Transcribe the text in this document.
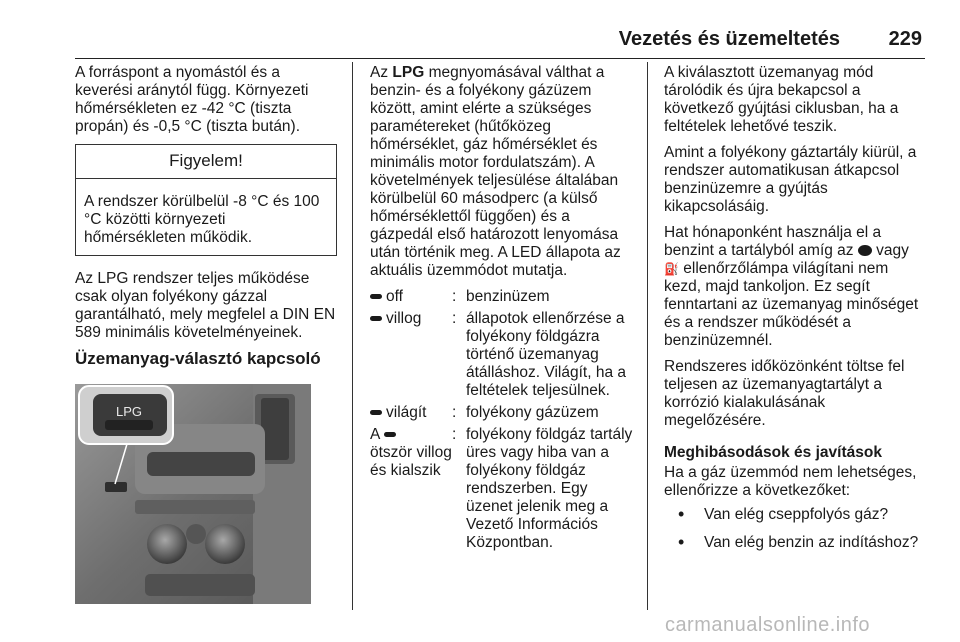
Vezetés és üzemeltetés 229

A forráspont a nyomástól és a keverési aránytól függ. Környezeti hőmérsékleten ez -42 °C (tiszta propán) és -0,5 °C (tiszta bután).

Figyelem!
A rendszer körülbelül -8 °C és 100 °C közötti környezeti hőmérsékleten működik.

Az LPG rendszer teljes működése csak olyan folyékony gázzal garantálható, mely megfelel a DIN EN 589 minimális követelményeinek.

Üzemanyag-választó kapcsoló
LPG

Az LPG megnyomásával válthat a benzin- és a folyékony gázüzem között, amint elérte a szükséges paramétereket (hűtőközeg hőmérséklet, gáz hőmérséklet és minimális motor fordulatszám). A követelmények teljesülése általában körülbelül 60 másodperc (a külső hőmérséklettől függően) és a gázpedál első határozott lenyomása után történik meg. A LED állapota az aktuális üzemmódot mutatja.

off	:	benzinüzem
villog	:	állapotok ellenőrzése a folyékony földgázra történő üzemanyag átálláshoz. Világít, ha a feltételek teljesülnek.
világít	:	folyékony gázüzem
A
ötször villog és kialszik	:	folyékony földgáz tartály üres vagy hiba van a folyékony földgáz rendszerben. Egy üzenet jelenik meg a Vezető Információs Központban.

A kiválasztott üzemanyag mód tárolódik és újra bekapcsol a következő gyújtási ciklusban, ha a feltételek lehetővé teszik.

Amint a folyékony gáztartály kiürül, a rendszer automatikusan átkapcsol benzinüzemre a gyújtás kikapcsolásáig.

Hat hónaponként használja el a benzint a tartályból amíg az  vagy ⛽ ellenőrzőlámpa világítani nem kezd, majd tankoljon. Ez segít fenntartani az üzemanyag minőséget és a rendszer működését a benzinüzemnél.

Rendszeres időközönként töltse fel teljesen az üzemanyagtartályt a korrózió kialakulásának megelőzésére.

Meghibásodások és javítások

Ha a gáz üzemmód nem lehetséges, ellenőrizze a következőket:

• Van elég cseppfolyós gáz?
• Van elég benzin az indításhoz?
carmanualsonline.info
